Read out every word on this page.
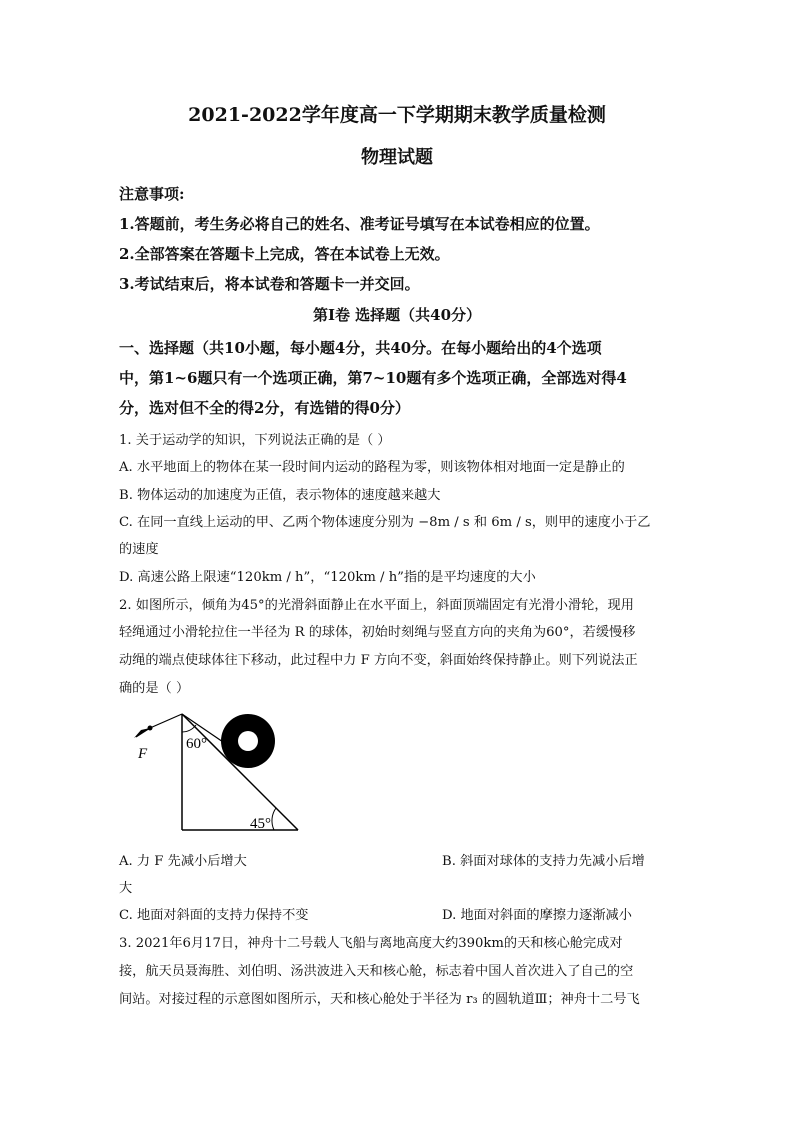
2021-2022学年度高一下学期期末教学质量检测
物理试题
注意事项:
1.答题前，考生务必将自己的姓名、准考证号填写在本试卷相应的位置。
2.全部答案在答题卡上完成，答在本试卷上无效。
3.考试结束后，将本试卷和答题卡一并交回。
第Ⅰ卷 选择题（共40分）
一、选择题（共10小题，每小题4分，共40分。在每小题给出的4个选项
中，第1~6题只有一个选项正确，第7~10题有多个选项正确，全部选对得4
分，选对但不全的得2分，有选错的得0分）
1. 关于运动学的知识，下列说法正确的是（ ）
A. 水平地面上的物体在某一段时间内运动的路程为零，则该物体相对地面一定是静止的
B. 物体运动的加速度为正值，表示物体的速度越来越大
C. 在同一直线上运动的甲、乙两个物体速度分别为 −8m / s 和 6m / s，则甲的速度小于乙
的速度
D. 高速公路上限速“120km / h”，“120km / h”指的是平均速度的大小
2. 如图所示，倾角为45°的光滑斜面静止在水平面上，斜面顶端固定有光滑小滑轮，现用
轻绳通过小滑轮拉住一半径为 R 的球体，初始时刻绳与竖直方向的夹角为60°，若缓慢移
动绳的端点使球体往下移动，此过程中力 F 方向不变，斜面始终保持静止。则下列说法正
确的是（ ）
F
60°
45°
A. 力 F 先减小后增大	B. 斜面对球体的支持力先减小后增
大
C. 地面对斜面的支持力保持不变	D. 地面对斜面的摩擦力逐渐减小
3. 2021年6月17日，神舟十二号载人飞船与离地高度大约390km的天和核心舱完成对
接，航天员聂海胜、刘伯明、汤洪波进入天和核心舱，标志着中国人首次进入了自己的空
间站。对接过程的示意图如图所示，天和核心舱处于半径为 r₃ 的圆轨道Ⅲ；神舟十二号飞
